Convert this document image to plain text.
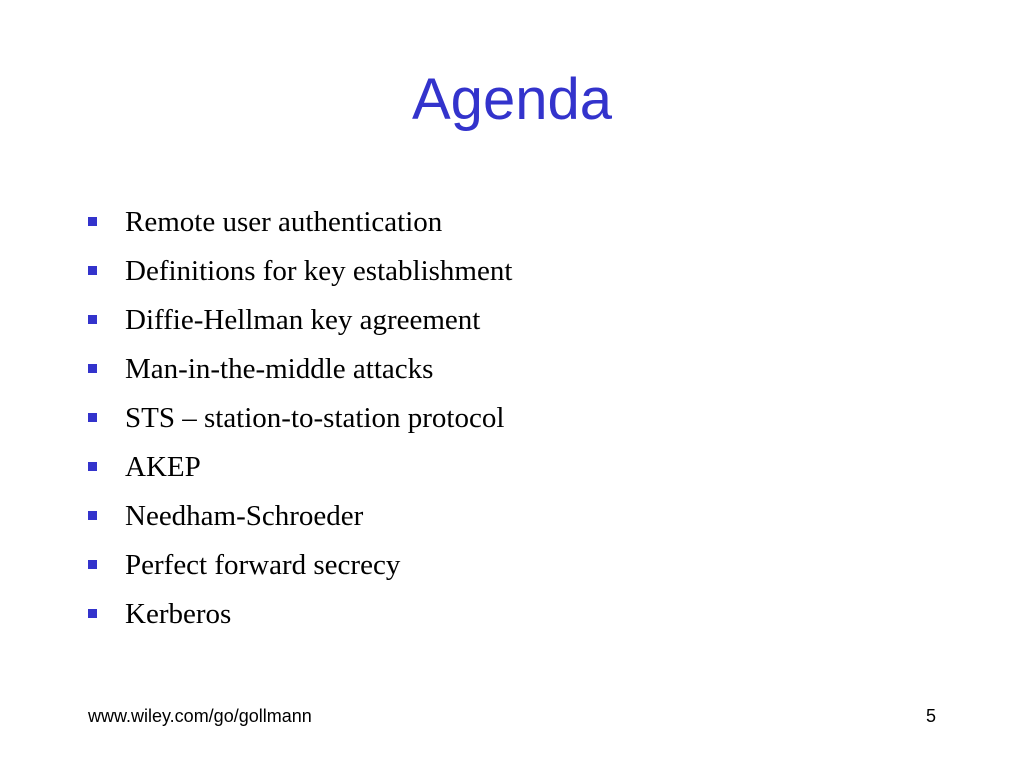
Agenda
Remote user authentication
Definitions for key establishment
Diffie-Hellman key agreement
Man-in-the-middle attacks
STS – station-to-station protocol
AKEP
Needham-Schroeder
Perfect forward secrecy
Kerberos
www.wiley.com/go/gollmann	5
